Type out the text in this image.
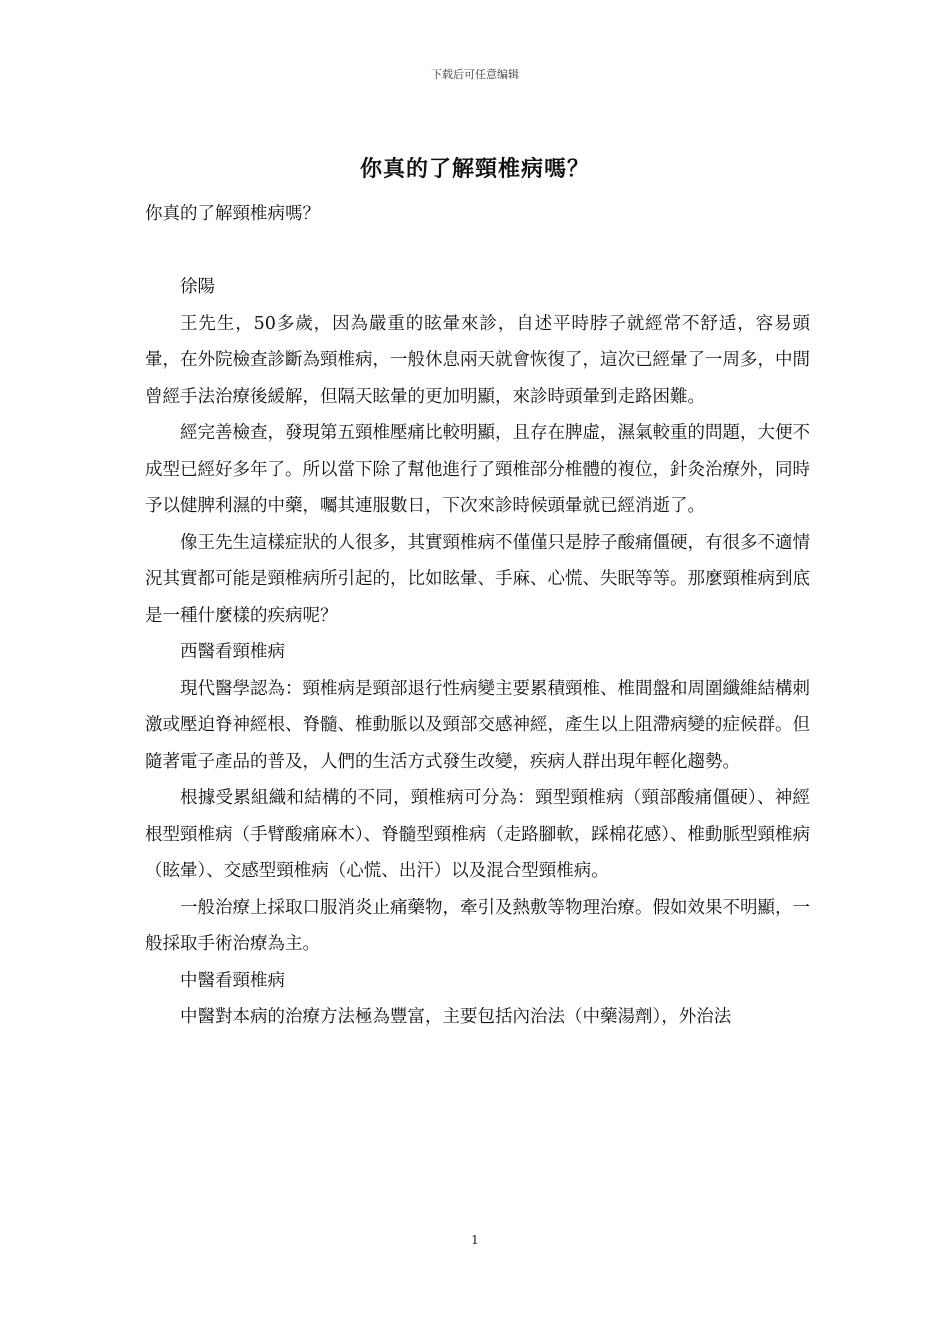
下载后可任意编辑
你真的了解頸椎病嗎？

你真的了解頸椎病嗎？

徐陽

王先生，50多歲，因為嚴重的眩暈來診，自述平時脖子就經常不舒适，容易頭暈，在外院檢查診斷為頸椎病，一般休息兩天就會恢復了，這次已經暈了一周多，中間曾經手法治療後緩解，但隔天眩暈的更加明顯，來診時頭暈到走路困難。

經完善檢查，發現第五頸椎壓痛比較明顯，且存在脾虛，濕氣較重的問題，大便不成型已經好多年了。所以當下除了幫他進行了頸椎部分椎體的複位，針灸治療外，同時予以健脾利濕的中藥，囑其連服數日，下次來診時候頭暈就已經消逝了。

像王先生這樣症狀的人很多，其實頸椎病不僅僅只是脖子酸痛僵硬，有很多不適情況其實都可能是頸椎病所引起的，比如眩暈、手麻、心慌、失眠等等。那麼頸椎病到底是一種什麼樣的疾病呢？

西醫看頸椎病

現代醫學認為：頸椎病是頸部退行性病變主要累積頸椎、椎間盤和周圍纖維結構刺激或壓迫脊神經根、脊髓、椎動脈以及頸部交感神經，產生以上阻滯病變的症候群。但隨著電子產品的普及，人們的生活方式發生改變，疾病人群出現年輕化趨勢。

根據受累組織和結構的不同，頸椎病可分為：頸型頸椎病（頸部酸痛僵硬）、神經根型頸椎病（手臂酸痛麻木）、脊髓型頸椎病（走路腳軟，踩棉花感）、椎動脈型頸椎病（眩暈）、交感型頸椎病（心慌、出汗）以及混合型頸椎病。

一般治療上採取口服消炎止痛藥物，牽引及熱敷等物理治療。假如效果不明顯，一般採取手術治療為主。

中醫看頸椎病

中醫對本病的治療方法極為豐富，主要包括內治法（中藥湯劑），外治法

1
